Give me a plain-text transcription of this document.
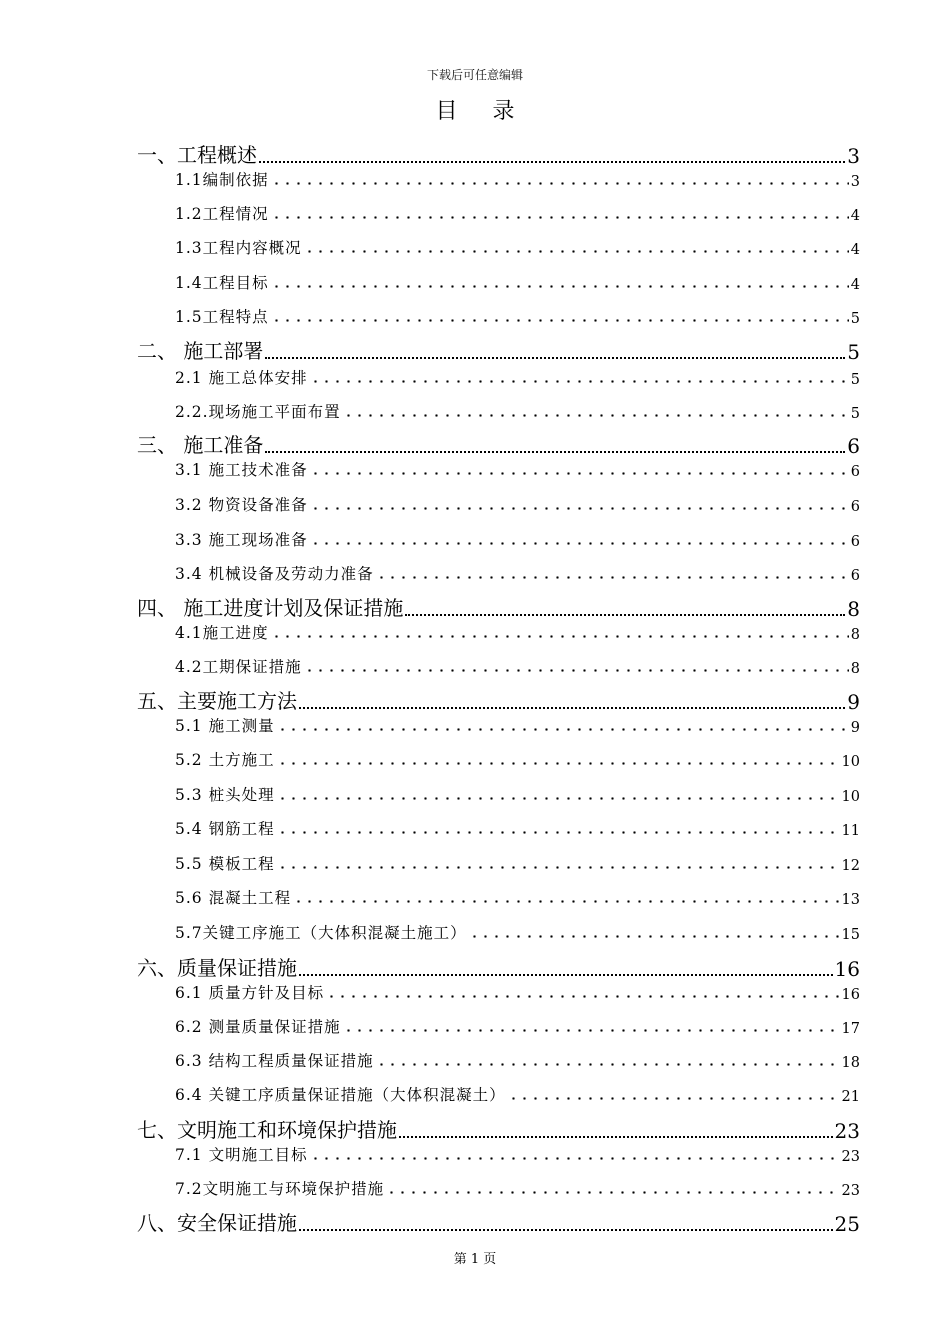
下载后可任意编辑
目 录
一、工程概述	3
1.1编制依据	3
1.2工程情况	4
1.3工程内容概况	4
1.4工程目标	4
1.5工程特点	5
二、 施工部署	5
2.1 施工总体安排	5
2.2.现场施工平面布置	5
三、 施工准备	6
3.1 施工技术准备	6
3.2 物资设备准备	6
3.3 施工现场准备	6
3.4 机械设备及劳动力准备	6
四、 施工进度计划及保证措施	8
4.1施工进度	8
4.2工期保证措施	8
五、主要施工方法	9
5.1 施工测量	9
5.2 土方施工	10
5.3 桩头处理	10
5.4 钢筋工程	11
5.5 模板工程	12
5.6 混凝土工程	13
5.7关键工序施工（大体积混凝土施工）	15
六、质量保证措施	16
6.1 质量方针及目标	16
6.2 测量质量保证措施	17
6.3 结构工程质量保证措施	18
6.4 关键工序质量保证措施（大体积混凝土）	21
七、文明施工和环境保护措施	23
7.1 文明施工目标	23
7.2文明施工与环境保护措施	23
八、安全保证措施	25
第 1 页
